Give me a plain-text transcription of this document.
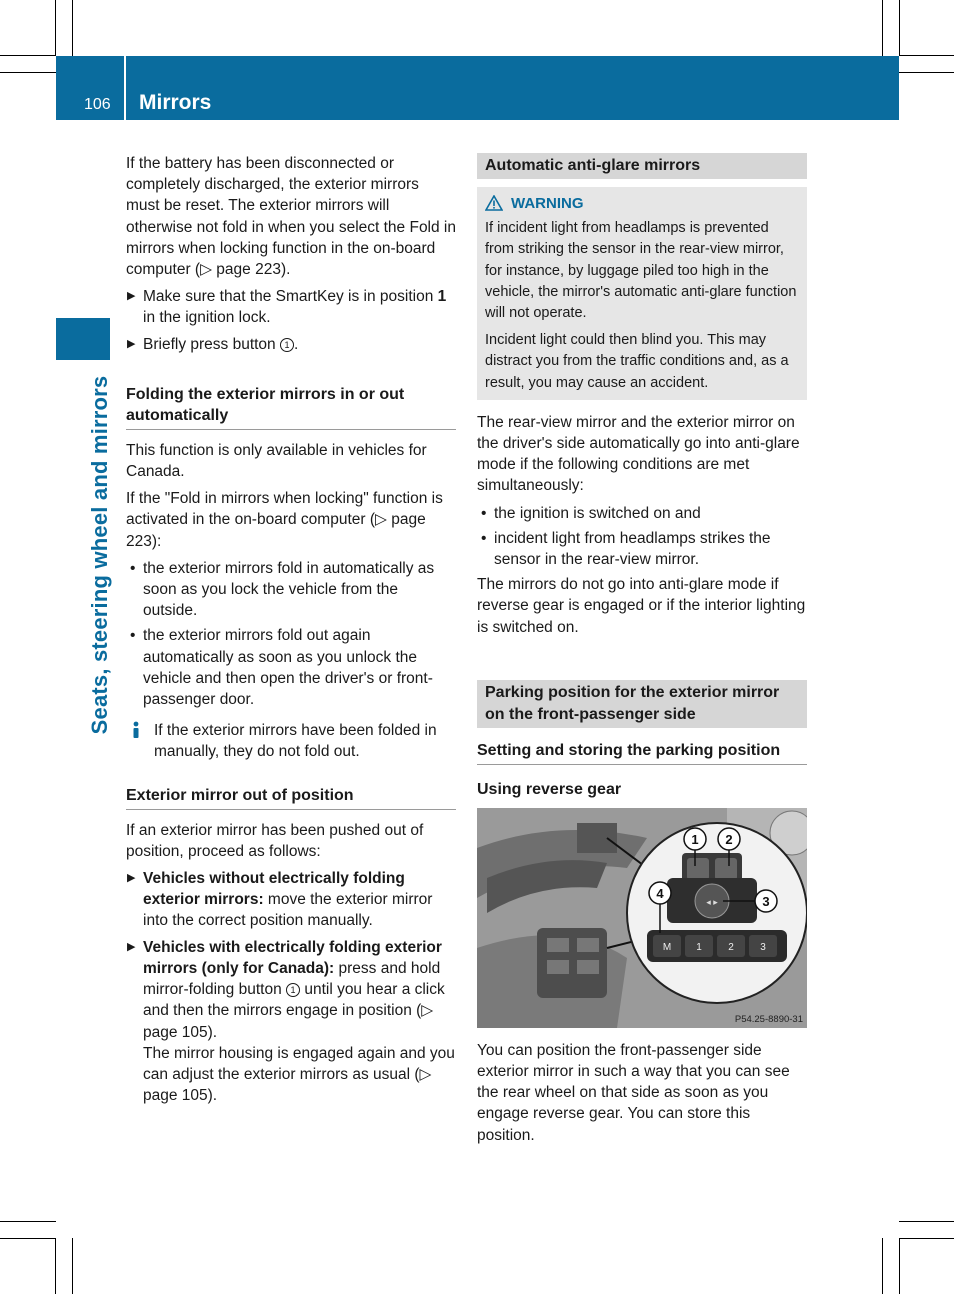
106 Mirrors
Seats, steering wheel and mirrors

If the battery has been disconnected or completely discharged, the exterior mirrors must be reset. The exterior mirrors will otherwise not fold in when you select the Fold in mirrors when locking function in the on-board computer (▷ page 223).

▶ Make sure that the SmartKey is in position 1 in the ignition lock.
▶ Briefly press button 1 .
Folding the exterior mirrors in or out automatically

This function is only available in vehicles for Canada.

If the "Fold in mirrors when locking" function is activated in the on-board computer (▷ page 223):

• the exterior mirrors fold in automatically as soon as you lock the vehicle from the outside.
• the exterior mirrors fold out again automatically as soon as you unlock the vehicle and then open the driver's or front-passenger door.
If the exterior mirrors have been folded in manually, they do not fold out.
Exterior mirror out of position

If an exterior mirror has been pushed out of position, proceed as follows:

▶ Vehicles without electrically folding exterior mirrors: move the exterior mirror into the correct position manually.
▶ Vehicles with electrically folding exterior mirrors (only for Canada): press and hold mirror-folding button 1 until you hear a click and then the mirrors engage in position (▷ page 105).
The mirror housing is engaged again and you can adjust the exterior mirrors as usual (▷ page 105).
Automatic anti-glare mirrors
WARNING

If incident light from headlamps is prevented from striking the sensor in the rear-view mirror, for instance, by luggage piled too high in the vehicle, the mirror's automatic anti-glare function will not operate.

Incident light could then blind you. This may distract you from the traffic conditions and, as a result, you may cause an accident.

The rear-view mirror and the exterior mirror on the driver's side automatically go into anti-glare mode if the following conditions are met simultaneously:

• the ignition is switched on and
• incident light from headlamps strikes the sensor in the rear-view mirror.

The mirrors do not go into anti-glare mode if reverse gear is engaged or if the interior lighting is switched on.

Parking position for the exterior mirror on the front-passenger side
Setting and storing the parking position
Using reverse gear
◂ ▸
M	1	2	3
1 2
3
4
P54.25-8890-31

You can position the front-passenger side exterior mirror in such a way that you can see the rear wheel on that side as soon as you engage reverse gear. You can store this position.
